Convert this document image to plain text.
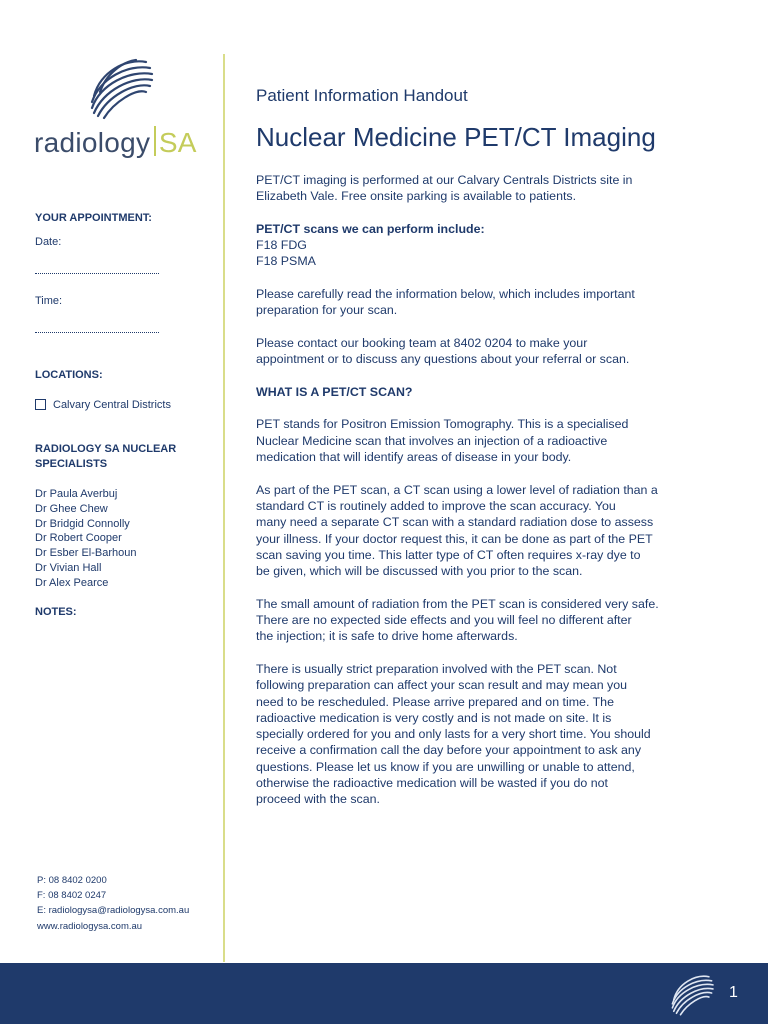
radiology SA
YOUR APPOINTMENT:
Date:
Time:
LOCATIONS:
Calvary Central Districts
RADIOLOGY SA NUCLEAR
SPECIALISTS
Dr Paula Averbuj
Dr Ghee Chew
Dr Bridgid Connolly
Dr Robert Cooper
Dr Esber El-Barhoun
Dr Vivian Hall
Dr Alex Pearce
NOTES:
P: 08 8402 0200
F: 08 8402 0247
E: radiologysa@radiologysa.com.au
www.radiologysa.com.au
Patient Information Handout
Nuclear Medicine PET/CT Imaging

PET/CT imaging is performed at our Calvary Centrals Districts site in
Elizabeth Vale. Free onsite parking is available to patients.

PET/CT scans we can perform include:
F18 FDG
F18 PSMA

Please carefully read the information below, which includes important
preparation for your scan.

Please contact our booking team at 8402 0204 to make your
appointment or to discuss any questions about your referral or scan.

WHAT IS A PET/CT SCAN?

PET stands for Positron Emission Tomography. This is a specialised
Nuclear Medicine scan that involves an injection of a radioactive
medication that will identify areas of disease in your body.

As part of the PET scan, a CT scan using a lower level of radiation than a
standard CT is routinely added to improve the scan accuracy. You
many need a separate CT scan with a standard radiation dose to assess
your illness. If your doctor request this, it can be done as part of the PET
scan saving you time. This latter type of CT often requires x-ray dye to
be given, which will be discussed with you prior to the scan.

The small amount of radiation from the PET scan is considered very safe.
There are no expected side effects and you will feel no different after
the injection; it is safe to drive home afterwards.

There is usually strict preparation involved with the PET scan. Not
following preparation can affect your scan result and may mean you
need to be rescheduled. Please arrive prepared and on time. The
radioactive medication is very costly and is not made on site. It is
specially ordered for you and only lasts for a very short time. You should
receive a confirmation call the day before your appointment to ask any
questions. Please let us know if you are unwilling or unable to attend,
otherwise the radioactive medication will be wasted if you do not
proceed with the scan.

1
